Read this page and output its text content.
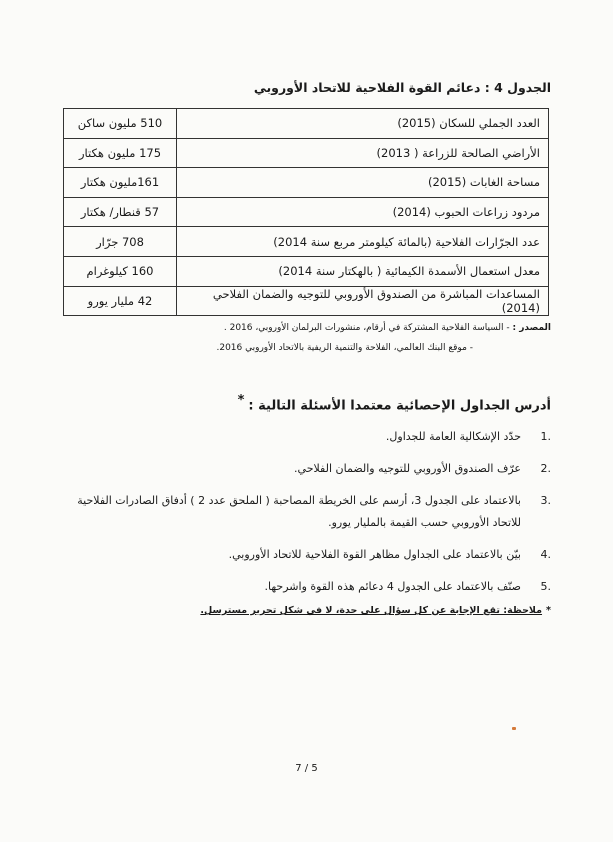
الجدول 4 : دعائم القوة الفلاحية للاتحاد الأوروبي
العدد الجملي للسكان (2015)	510 مليون ساكن
الأراضي الصالحة للزراعة ( 2013)	175 مليون هكتار
مساحة الغابات (2015)	161مليون هكتار
مردود زراعات الحبوب (2014)	57 قنطار/ هكتار
عدد الجرّارات الفلاحية (بالمائة كيلومتر مربع سنة 2014)	708 جرّار
معدل استعمال الأسمدة الكيمائية ( بالهكتار سنة 2014)	160 كيلوغرام
المساعدات المباشرة من الصندوق الأوروبي للتوجيه والضمان الفلاحي (2014)	42 مليار يورو
المصدر : - السياسة الفلاحية المشتركة في أرقام، منشورات البرلمان الأوروبي، 2016 .
- موقع البنك العالمي، الفلاحة والتنمية الريفية بالاتحاد الأوروبي 2016.
أدرس الجداول الإحصائية معتمدا الأسئلة التالية :*
.1
حدّد الإشكالية العامة للجداول.
.2
عرّف الصندوق الأوروبي للتوجيه والضمان الفلاحي.
.3
بالاعتماد على الجدول 3، أرسم على الخريطة المصاحبة ( الملحق عدد 2 ) أدفاق الصادرات الفلاحية للاتحاد الأوروبي حسب القيمة بالمليار يورو.
.4
بيّن بالاعتماد على الجداول مظاهر القوة الفلاحية للاتحاد الأوروبي.
.5
صنّف بالاعتماد على الجدول 4 دعائم هذه القوة واشرحها.
*ملاحظة: تقع الإجابة عن كل سؤال على حدة، لا في شكل تحرير مسترسل.
7 / 5
